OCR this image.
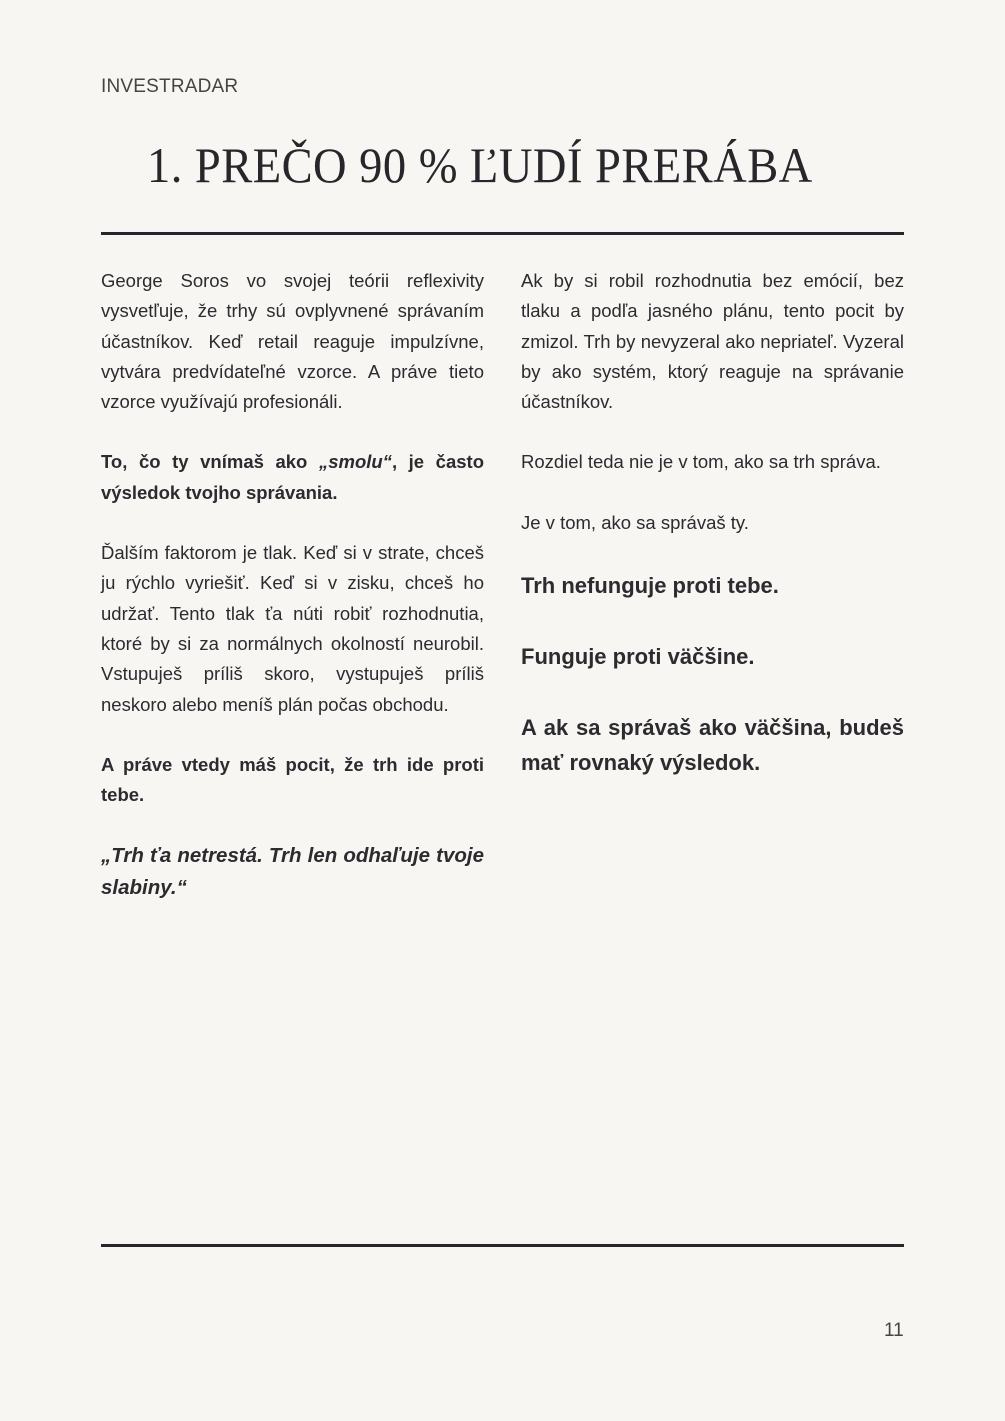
INVESTRADAR
1. PREČO 90 % ĽUDÍ PRERÁBA

George Soros vo svojej teórii reflexivity vysvetľuje, že trhy sú ovplyvnené správaním účastníkov. Keď retail reaguje impulzívne, vytvára predvídateľné vzorce. A práve tieto vzorce využívajú profesionáli.

To, čo ty vnímaš ako „smolu“, je často výsledok tvojho správania.

Ďalším faktorom je tlak. Keď si v strate, chceš ju rýchlo vyriešiť. Keď si v zisku, chceš ho udržať. Tento tlak ťa núti robiť rozhodnutia, ktoré by si za normálnych okolností neurobil. Vstupuješ príliš skoro, vystupuješ príliš neskoro alebo meníš plán počas obchodu.

A práve vtedy máš pocit, že trh ide proti tebe.

„Trh ťa netrestá. Trh len odhaľuje tvoje slabiny.“

Ak by si robil rozhodnutia bez emócií, bez tlaku a podľa jasného plánu, tento pocit by zmizol. Trh by nevyzeral ako nepriateľ. Vyzeral by ako systém, ktorý reaguje na správanie účastníkov.

Rozdiel teda nie je v tom, ako sa trh správa.

Je v tom, ako sa správaš ty.

Trh nefunguje proti tebe.

Funguje proti väčšine.

A ak sa správaš ako väčšina, budeš mať rovnaký výsledok.

11
